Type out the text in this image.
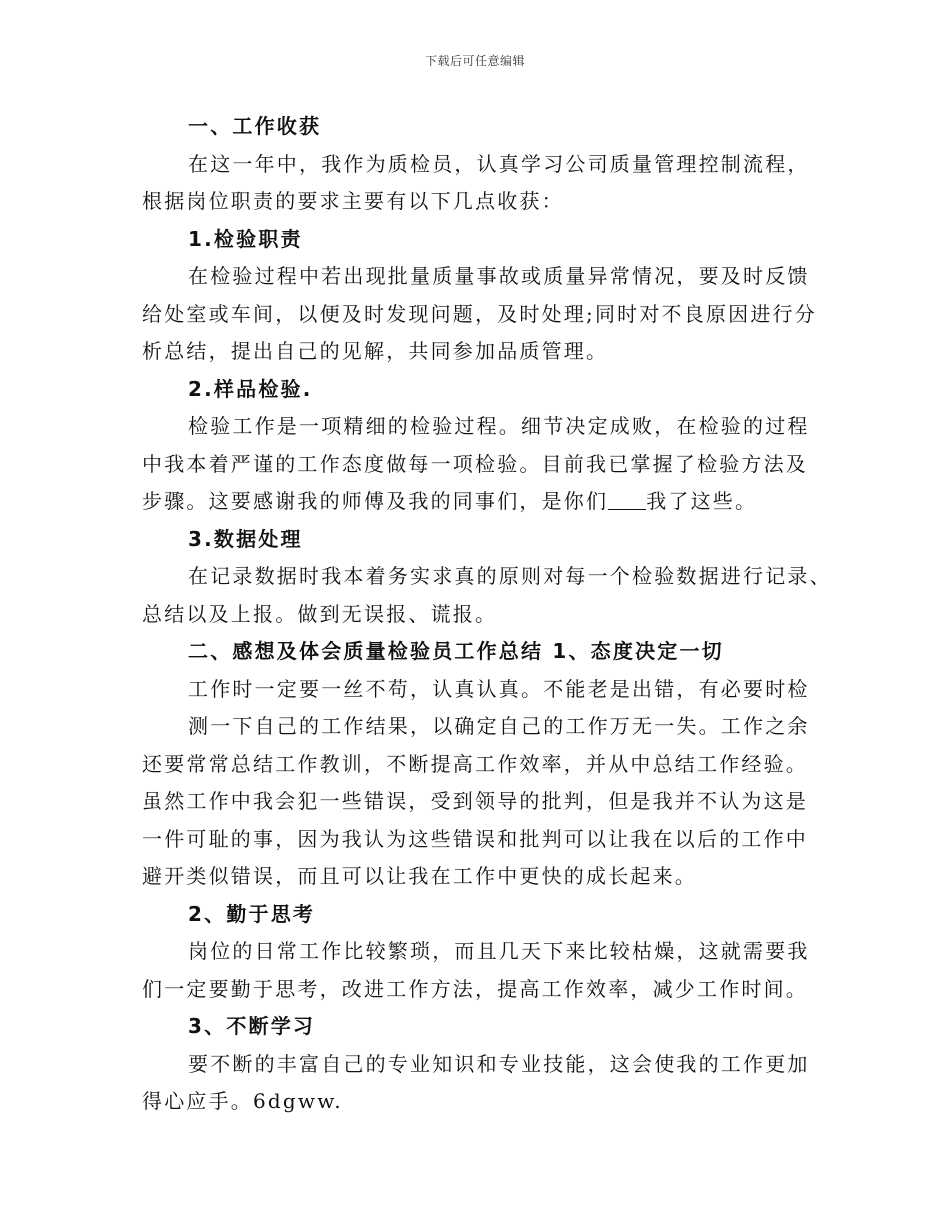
下载后可任意编辑
一、工作收获
在这一年中，我作为质检员，认真学习公司质量管理控制流程，
根据岗位职责的要求主要有以下几点收获：
1.检验职责
在检验过程中若出现批量质量事故或质量异常情况，要及时反馈
给处室或车间，以便及时发现问题，及时处理;同时对不良原因进行分
析总结，提出自己的见解，共同参加品质管理。
2.样品检验.
检验工作是一项精细的检验过程。细节决定成败，在检验的过程
中我本着严谨的工作态度做每一项检验。目前我已掌握了检验方法及
步骤。这要感谢我的师傅及我的同事们，是你们 我了这些。
3.数据处理
在记录数据时我本着务实求真的原则对每一个检验数据进行记录、
总结以及上报。做到无误报、谎报。
二、感想及体会质量检验员工作总结 1、态度决定一切
工作时一定要一丝不苟，认真认真。不能老是出错，有必要时检
测一下自己的工作结果，以确定自己的工作万无一失。工作之余
还要常常总结工作教训，不断提高工作效率，并从中总结工作经验。
虽然工作中我会犯一些错误，受到领导的批判，但是我并不认为这是
一件可耻的事，因为我认为这些错误和批判可以让我在以后的工作中
避开类似错误，而且可以让我在工作中更快的成长起来。
2、勤于思考
岗位的日常工作比较繁琐，而且几天下来比较枯燥，这就需要我
们一定要勤于思考，改进工作方法，提高工作效率，减少工作时间。
3、不断学习
要不断的丰富自己的专业知识和专业技能，这会使我的工作更加
得心应手。6dgww.
